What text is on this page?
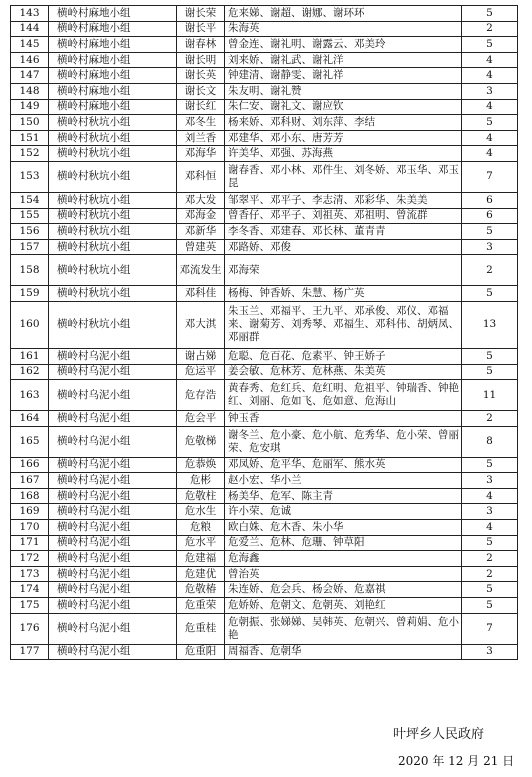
143	横岭村麻地小组	谢长荣	危来娣、谢超、谢娜、谢环环	5
144	横岭村麻地小组	谢长平	朱海英	2
145	横岭村麻地小组	谢春林	曾金连、谢礼明、谢露云、邓美玲	5
146	横岭村麻地小组	谢长明	刘来娇、谢礼武、谢礼洋	4
147	横岭村麻地小组	谢长英	钟建清、谢静雯、谢礼祥	4
148	横岭村麻地小组	谢长文	朱友明、谢礼赞	3
149	横岭村麻地小组	谢长红	朱仁安、谢礼文、谢应钦	4
150	横岭村秋坑小组	邓冬生	杨来娇、邓科财、刘东萍、李结	5
151	横岭村秋坑小组	刘兰香	邓建华、邓小东、唐芳芳	4
152	横岭村秋坑小组	邓海华	许美华、邓强、苏海燕	4
153	横岭村秋坑小组	邓科恒	谢春香、邓小林、邓件生、刘冬娇、邓玉华、邓玉昆	7
154	横岭村秋坑小组	邓大发	邹翠平、邓平子、李志清、邓彩华、朱美美	6
155	横岭村秋坑小组	邓海金	曾香仔、邓平子、刘祖英、邓祖明、曾流群	6
156	横岭村秋坑小组	邓新华	李冬香、邓建春、邓长林、董青青	5
157	横岭村秋坑小组	曾建英	邓路娇、邓俊	3
158	横岭村秋坑小组	邓流发生	邓海荣	2
159	横岭村秋坑小组	邓科佳	杨梅、钟香娇、朱慧、杨广英	5
160	横岭村秋坑小组	邓大淇	朱玉兰、邓福平、王九平、邓承俊、邓仪、邓福来、谢菊芳、刘秀琴、邓福生、邓科伟、胡炳凤、邓丽群	13
161	横岭村乌泥小组	谢占娣	危聪、危百花、危素平、钟王娇子	5
162	横岭村乌泥小组	危运平	姜会敏、危林芳、危林燕、朱美英	5
163	横岭村乌泥小组	危存浩	黄春秀、危红兵、危红明、危祖平、钟瑞香、钟艳红、刘丽、危如飞、危如意、危海山	11
164	横岭村乌泥小组	危会平	钟玉香	2
165	横岭村乌泥小组	危敬梯	谢冬兰、危小豪、危小航、危秀华、危小荣、曾丽荣、危安琪	8
166	横岭村乌泥小组	危恭焕	邓凤娇、危平华、危丽军、熊水英	5
167	横岭村乌泥小组	危彬	赵小宏、华小兰	3
168	横岭村乌泥小组	危敬柱	杨美华、危军、陈主青	4
169	横岭村乌泥小组	危水生	许小荣、危诚	3
170	横岭村乌泥小组	危粮	欧白姝、危木香、朱小华	4
171	横岭村乌泥小组	危水平	危爱兰、危林、危珊、钟草阳	5
172	横岭村乌泥小组	危建福	危海鑫	2
173	横岭村乌泥小组	危建优	曾治英	2
174	横岭村乌泥小组	危敬椿	朱连娇、危会兵、杨会娇、危嘉祺	5
175	横岭村乌泥小组	危重荣	危娇娇、危朝文、危朝英、刘艳红	5
176	横岭村乌泥小组	危重桂	危朝振、张娣娣、吴韩英、危朝兴、曾莉娟、危小艳	7
177	横岭村乌泥小组	危重阳	周福香、危朝华	3
叶坪乡人民政府
2020 年 12 月 21 日
